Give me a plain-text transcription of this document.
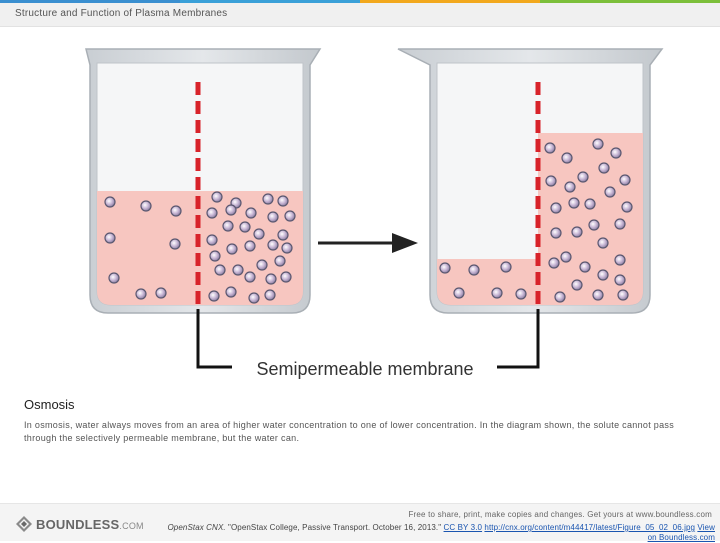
Structure and Function of Plasma Membranes
Semipermeable membrane
Osmosis
In osmosis, water always moves from an area of higher water concentration to one of lower concentration. In the diagram shown, the solute cannot pass through the selectively permeable membrane, but the water can.
BOUNDLESS.COM
Free to share, print, make copies and changes. Get yours at www.boundless.com
OpenStax CNX. "OpenStax College, Passive Transport. October 16, 2013." CC BY 3.0 http://cnx.org/content/m44417/latest/Figure_05_02_06.jpg View on Boundless.com
